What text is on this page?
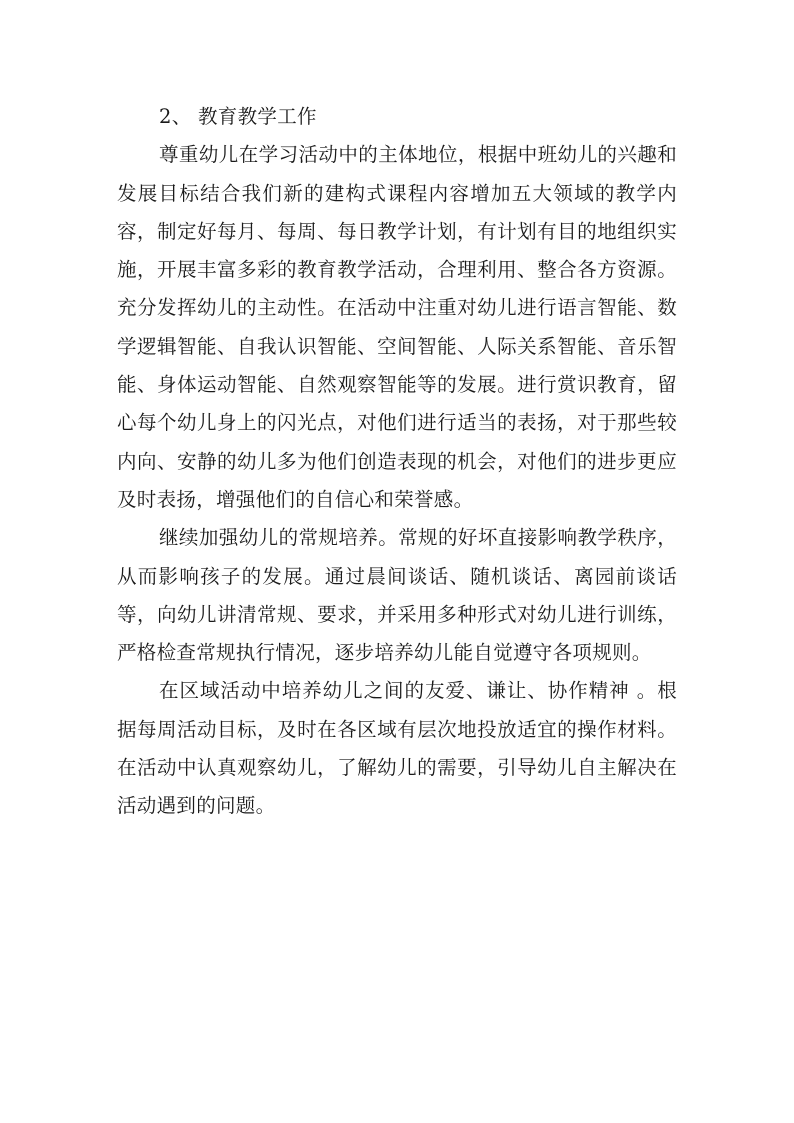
2、 教育教学工作

尊重幼儿在学习活动中的主体地位，根据中班幼儿的兴趣和发展目标结合我们新的建构式课程内容增加五大领域的教学内容，制定好每月、每周、每日教学计划，有计划有目的地组织实施，开展丰富多彩的教育教学活动，合理利用、整合各方资源。充分发挥幼儿的主动性。在活动中注重对幼儿进行语言智能、数学逻辑智能、自我认识智能、空间智能、人际关系智能、音乐智能、身体运动智能、自然观察智能等的发展。进行赏识教育，留心每个幼儿身上的闪光点，对他们进行适当的表扬，对于那些较内向、安静的幼儿多为他们创造表现的机会，对他们的进步更应及时表扬，增强他们的自信心和荣誉感。

继续加强幼儿的常规培养。常规的好坏直接影响教学秩序，从而影响孩子的发展。通过晨间谈话、随机谈话、离园前谈话等，向幼儿讲清常规、要求，并采用多种形式对幼儿进行训练，严格检查常规执行情况，逐步培养幼儿能自觉遵守各项规则。

在区域活动中培养幼儿之间的友爱、谦让、协作精神 。根据每周活动目标，及时在各区域有层次地投放适宜的操作材料。在活动中认真观察幼儿，了解幼儿的需要，引导幼儿自主解决在活动遇到的问题。
